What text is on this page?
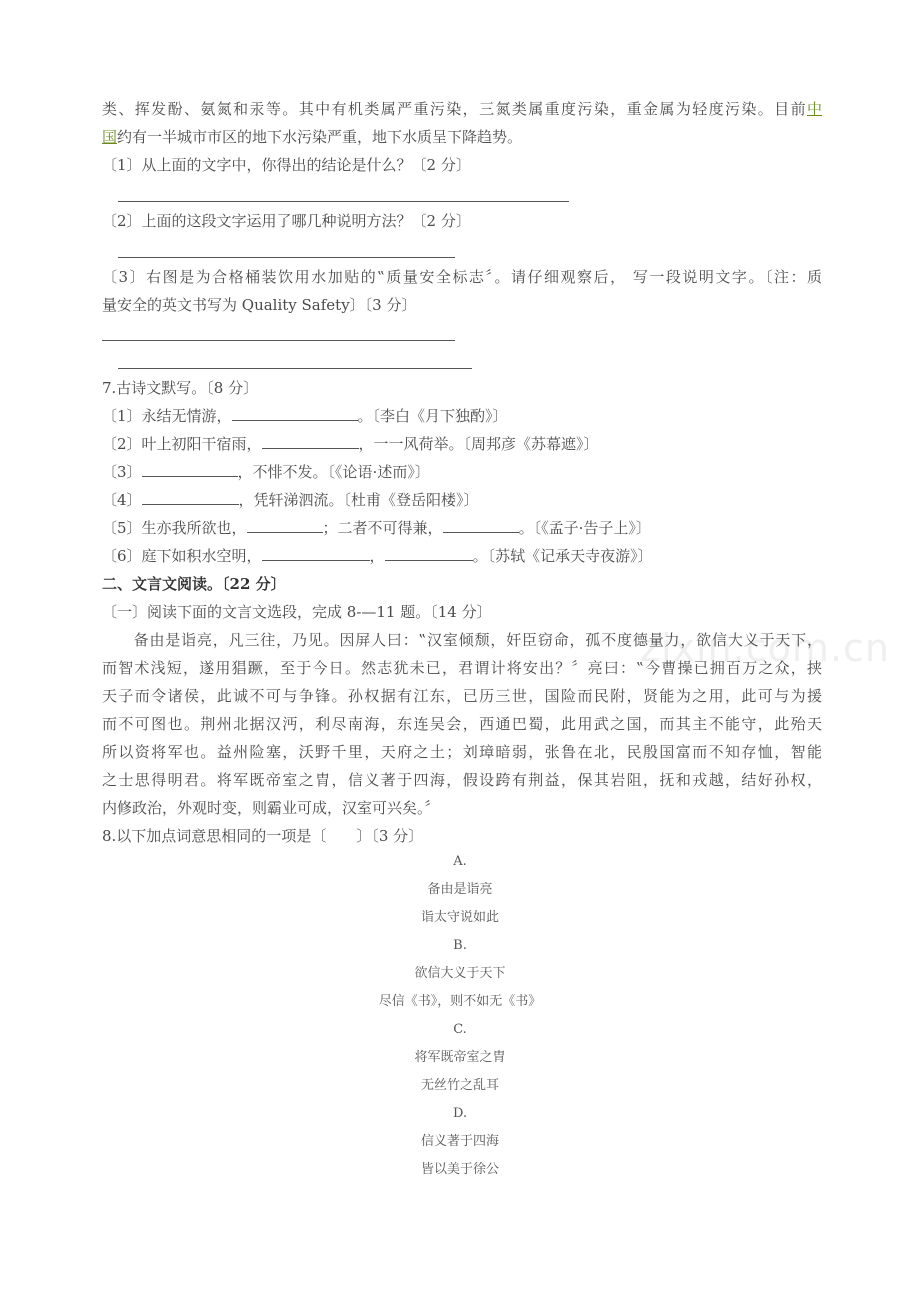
zixin.com.cn
类、挥发酚、氨氮和汞等。其中有机类属严重污染，三氮类属重度污染，重金属为轻度污染。目前中
国约有一半城市市区的地下水污染严重，地下水质呈下降趋势。
〔1〕从上面的文字中，你得出的结论是什么？〔2 分〕
〔2〕上面的这段文字运用了哪几种说明方法？〔2 分〕
〔3〕右图是为合格桶装饮用水加贴的‟质量安全标志〞。请仔细观察后， 写一段说明文字。〔注：质
量安全的英文书写为 Quality Safety〕〔3 分〕
7.古诗文默写。〔8 分〕
〔1〕永结无情游，	。〔李白《月下独酌》〕
〔2〕叶上初阳干宿雨，	，一一风荷举。〔周邦彦《苏幕遮》〕
〔3〕	，不悱不发。〔《论语·述而》〕
〔4〕	，凭轩涕泗流。〔杜甫《登岳阳楼》〕
〔5〕生亦我所欲也，	；二者不可得兼，	。〔《孟子·告子上》〕
〔6〕庭下如积水空明，	，	。〔苏轼《记承天寺夜游》〕
二、文言文阅读。〔22 分〕
〔一〕阅读下面的文言文选段，完成 8-—11 题。〔14 分〕
　　备由是诣亮，凡三往，乃见。因屏人曰：‟汉室倾颓，奸臣窃命，孤不度德量力，欲信大义于天下，
而智术浅短，遂用猖蹶，至于今日。然志犹未已，君谓计将安出？〞亮曰：‟今曹操已拥百万之众，挟
天子而令诸侯，此诚不可与争锋。孙权据有江东，已历三世，国险而民附，贤能为之用，此可与为援
而不可图也。荆州北据汉沔，利尽南海，东连吴会，西通巴蜀，此用武之国，而其主不能守，此殆天
所以资将军也。益州险塞，沃野千里，天府之土；刘璋暗弱，张鲁在北，民殷国富而不知存恤，智能
之士思得明君。将军既帝室之胄，信义著于四海，假设跨有荆益，保其岩阻，抚和戎越，结好孙权，
内修政治，外观时变，则霸业可成，汉室可兴矣。〞
8.以下加点词意思相同的一项是〔　　〕〔3 分〕
A.
备由是诣亮
诣太守说如此
B.
欲信大义于天下
尽信《书》，则不如无《书》
C.
将军既帝室之胄
无丝竹之乱耳
D.
信义著于四海
皆以美于徐公
